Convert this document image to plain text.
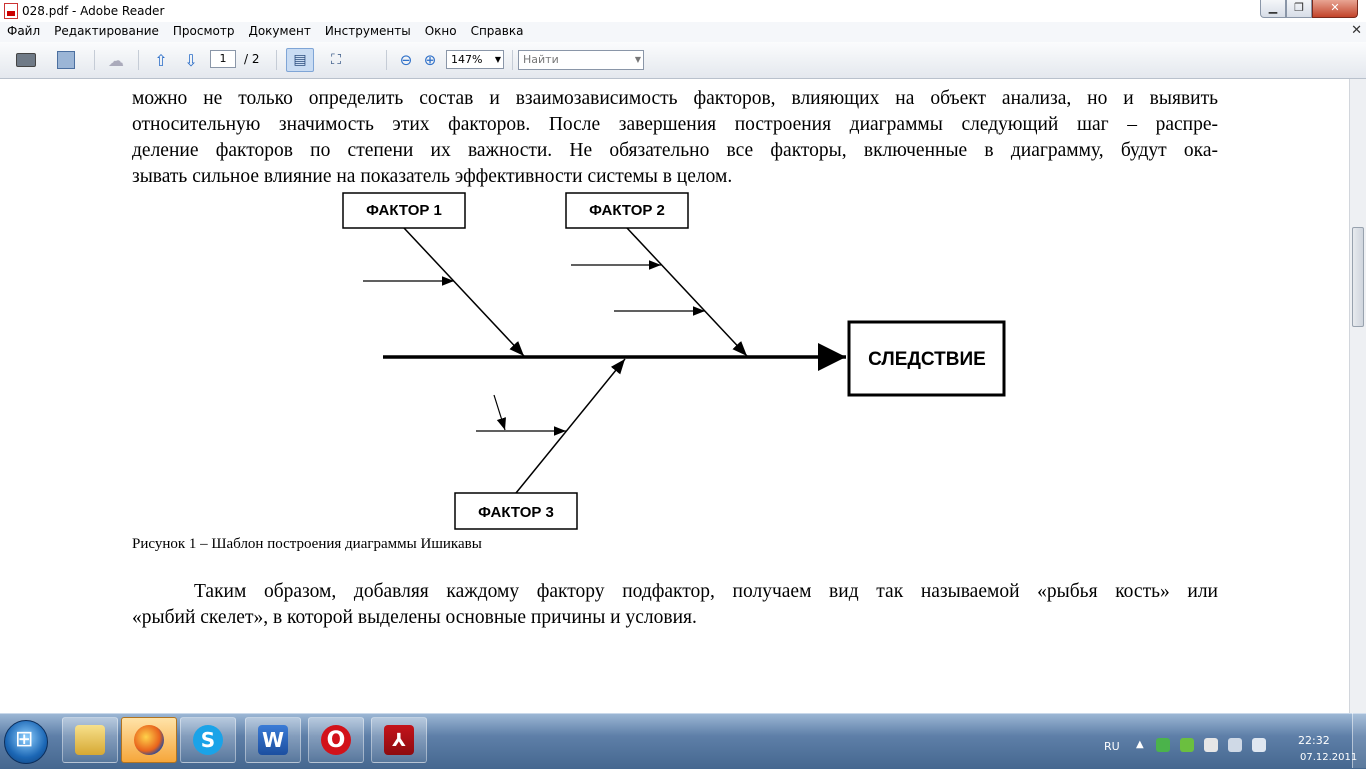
028.pdf - Adobe Reader	▁	❐	✕
Файл Редактирование Просмотр Документ Инструменты Окно Справка	✕
☁ ⇧ ⇩	▤	⛶	⊖ ⊕
1	/ 2	147% ▼	Найти	▼
можно не только определить состав и взаимозависимость факторов, влияющих на объект анализа, но и выявить
относительную значимость этих факторов. После завершения построения диаграммы следующий шаг – распре-
деление факторов по степени их важности. Не обязательно все факторы, включенные в диаграмму, будут ока-
зывать сильное влияние на показатель эффективности системы в целом.
ФАКТОР 1	ФАКТОР 2
ФАКТОР 3
СЛЕДСТВИЕ
Рисунок 1 – Шаблон построения диаграммы Ишикавы
Таким образом, добавляя каждому фактору подфактор, получаем вид так называемой «рыбья кость» или
«рыбий скелет», в которой выделены основные причины и условия.
⊞
S	W O	⅄	RU ▲	22:32
07.12.2011
